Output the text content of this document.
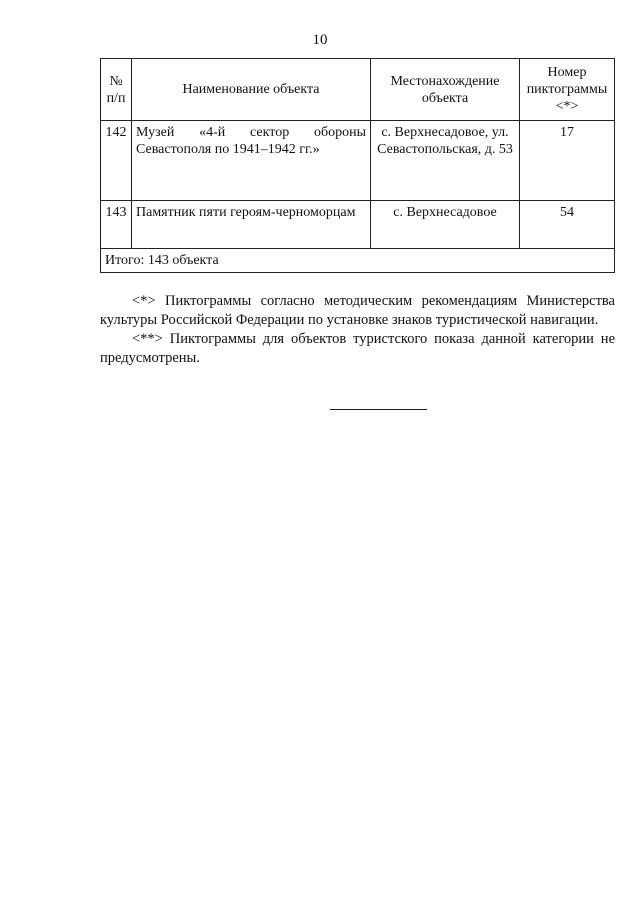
10
№ п/п	Наименование объекта	Местонахождение объекта	Номер пиктограммы <*>
142	Музей «4-й сектор обороны Севастополя по 1941–1942 гг.»	с. Верхнесадовое, ул. Севастопольская, д. 53	17
143	Памятник пяти героям-черноморцам	с. Верхнесадовое	54
Итого: 143 объекта			

<*> Пиктограммы согласно методическим рекомендациям Министерства культуры Российской Федерации по установке знаков туристической навигации.

<**> Пиктограммы для объектов туристского показа данной категории не предусмотрены.
